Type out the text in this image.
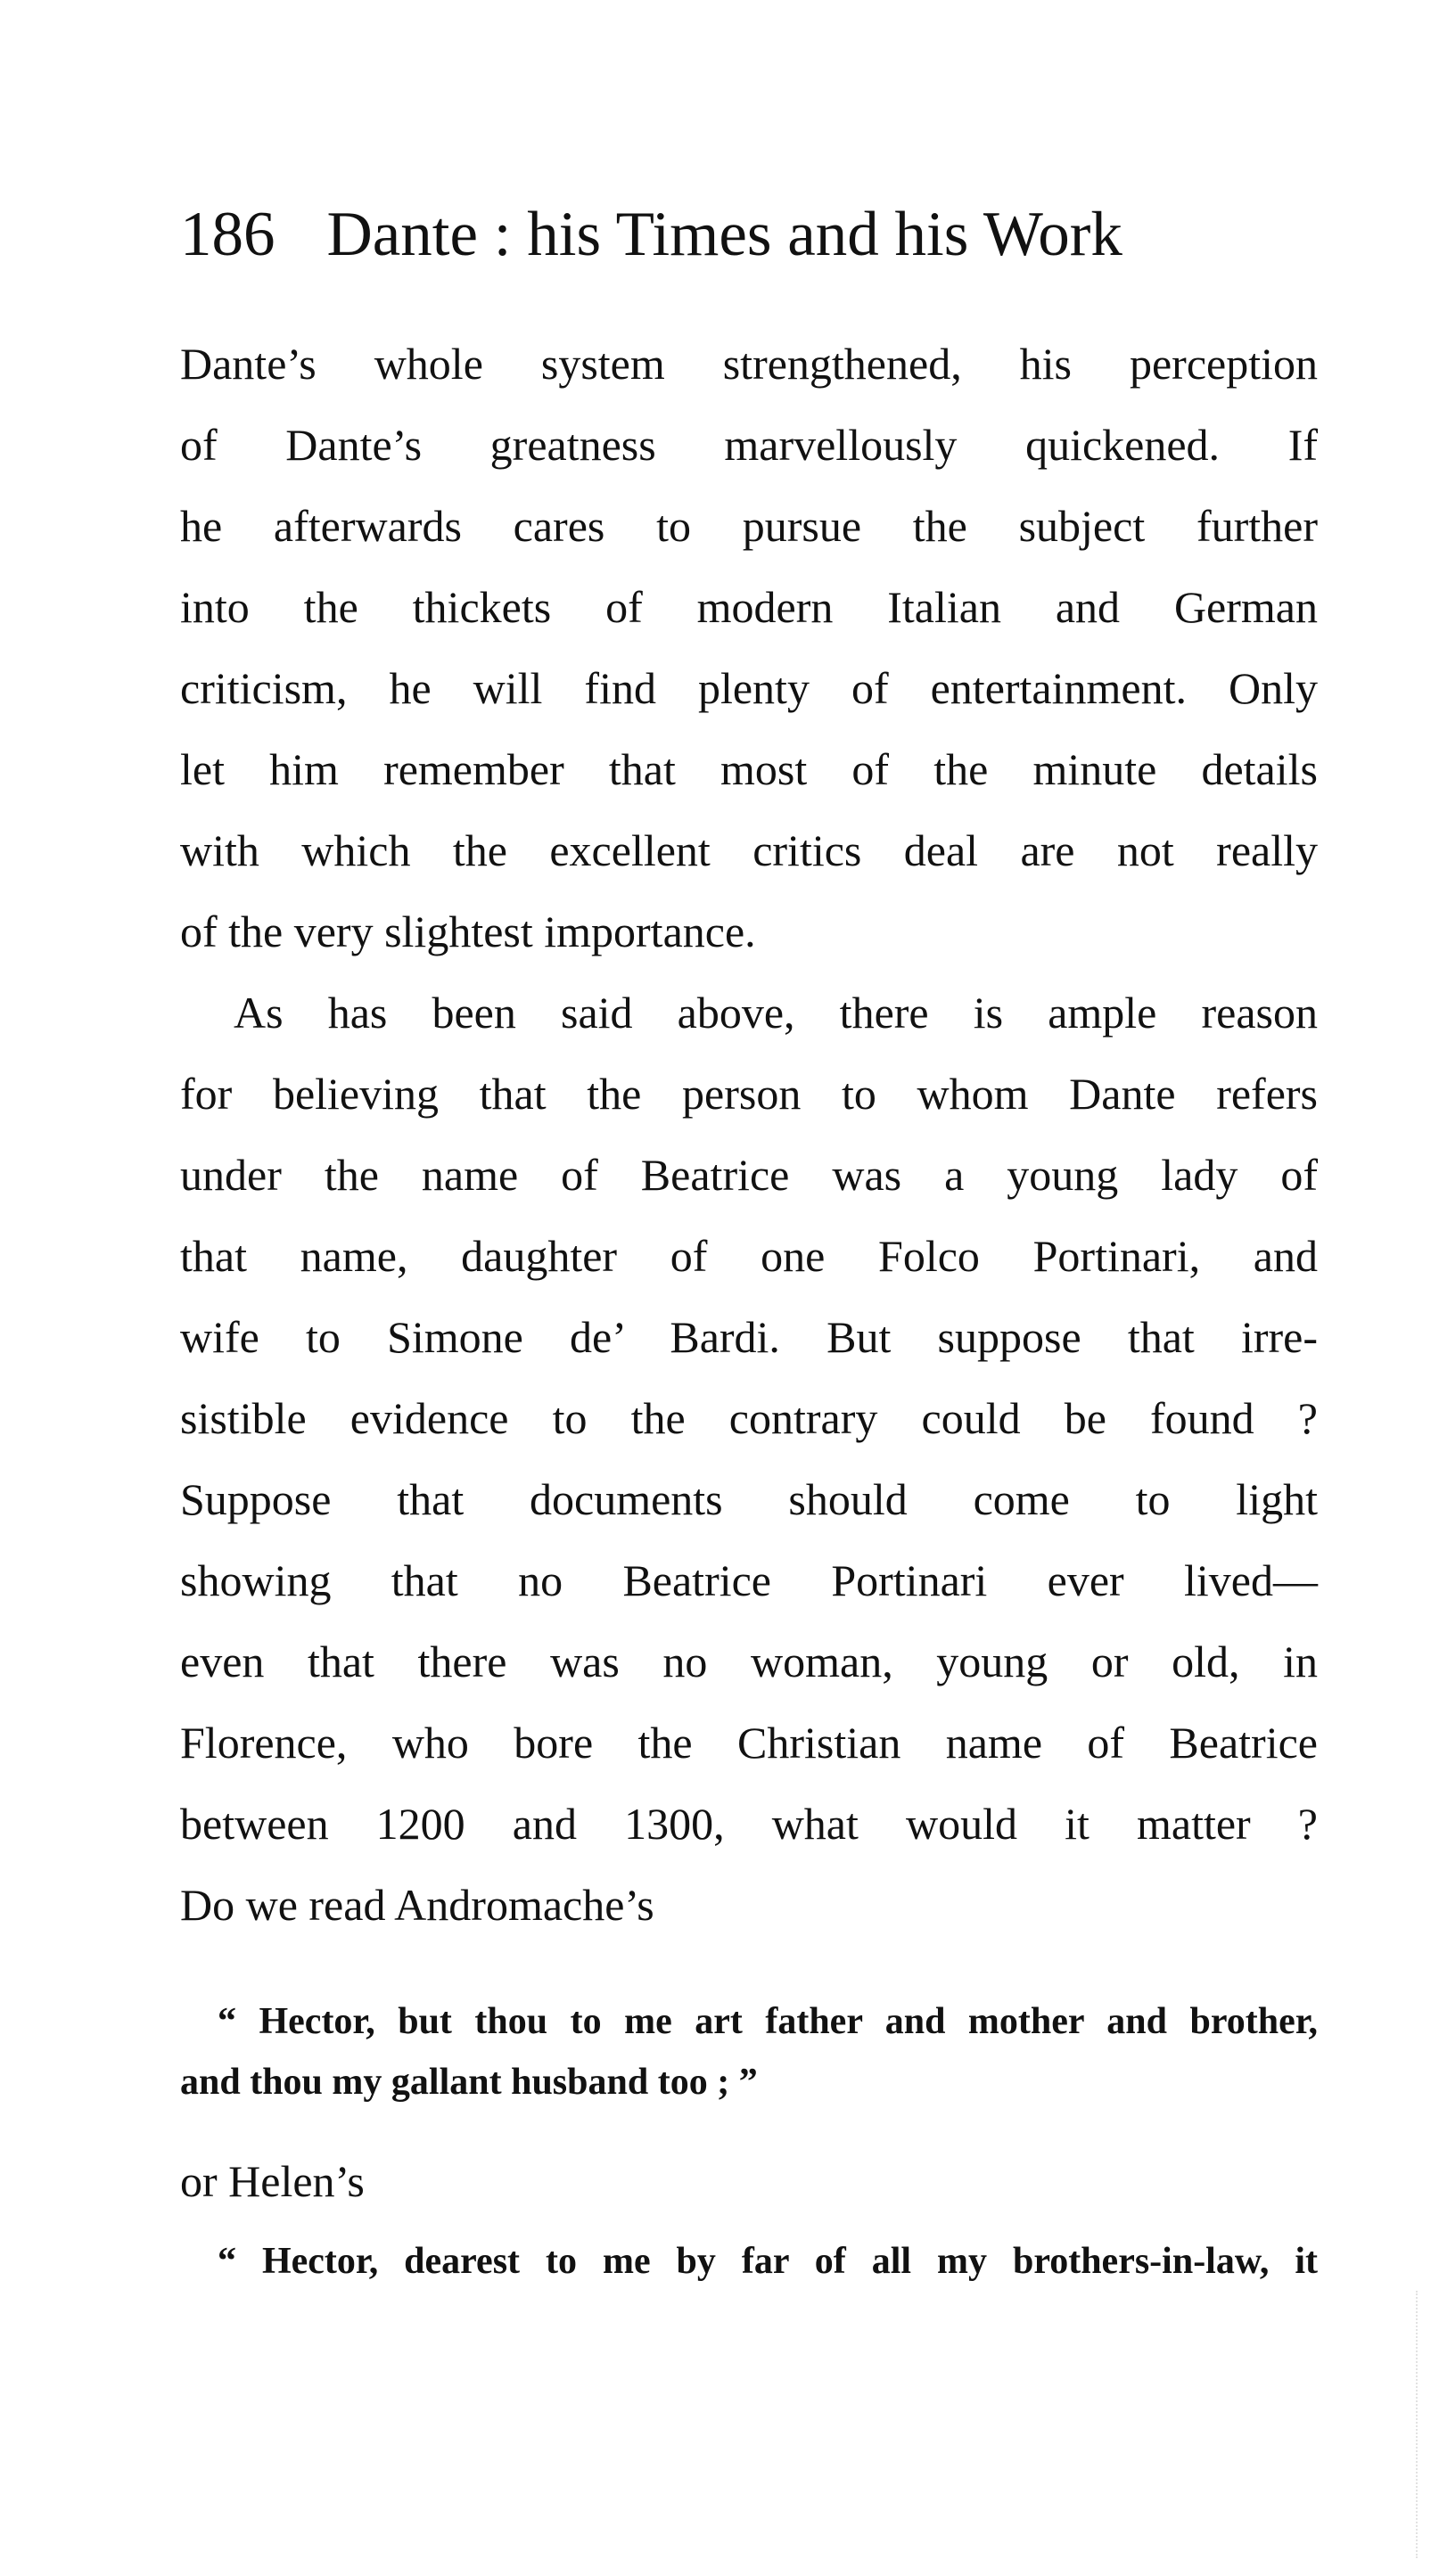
186 Dante : his Times and his Work
Dante’s whole system strengthened, his perception
of Dante’s greatness marvellously quickened. If
he afterwards cares to pursue the subject further
into the thickets of modern Italian and German
criticism, he will find plenty of entertainment. Only
let him remember that most of the minute details
with which the excellent critics deal are not really
of the very slightest importance.
As has been said above, there is ample reason
for believing that the person to whom Dante refers
under the name of Beatrice was a young lady of
that name, daughter of one Folco Portinari, and
wife to Simone de’ Bardi. But suppose that irre-
sistible evidence to the contrary could be found ?
Suppose that documents should come to light
showing that no Beatrice Portinari ever lived—
even that there was no woman, young or old, in
Florence, who bore the Christian name of Beatrice
between 1200 and 1300, what would it matter ?
Do we read Andromache’s
“ Hector, but thou to me art father and mother and brother,
and thou my gallant husband too ; ”
or Helen’s
“ Hector, dearest to me by far of all my brothers-in-law, it
